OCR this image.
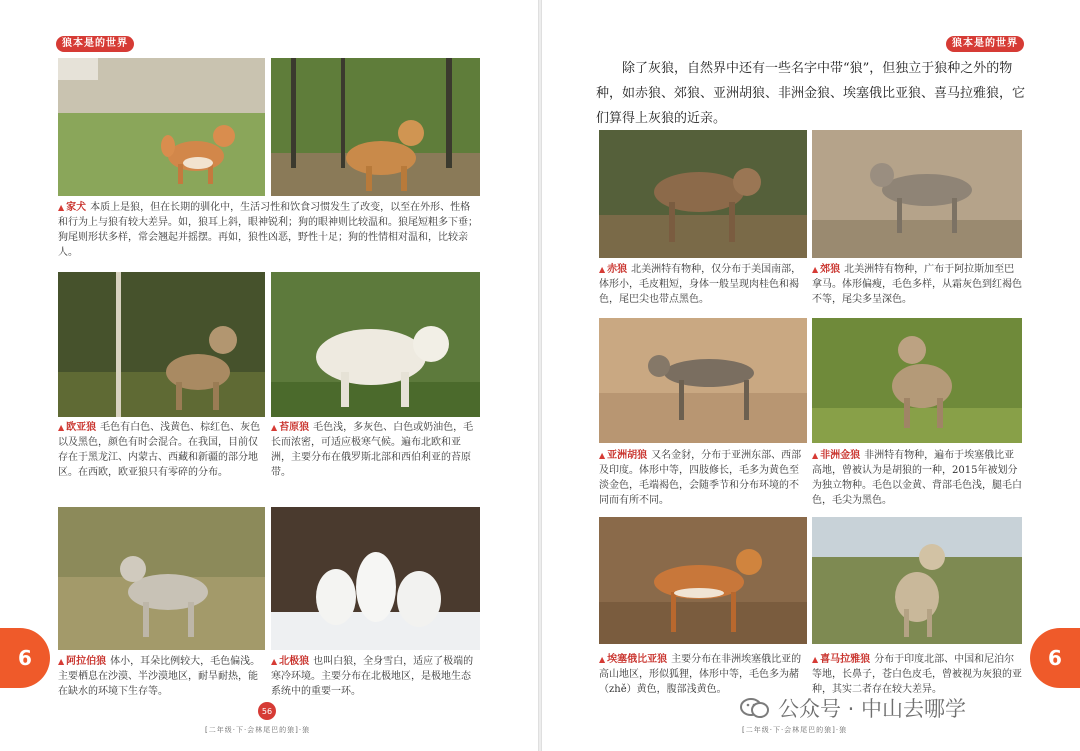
狼本是的世界
▲ 家犬 本质上是狼，但在长期的驯化中，生活习性和饮食习惯发生了改变，以至在外形、性格和行为上与狼有较大差异。如，狼耳上斜，眼神锐利；狗的眼神则比较温和。狼尾短粗多下垂；狗尾则形状多样，常会翘起并摇摆。再如，狼性凶恶，野性十足；狗的性情相对温和，比较亲人。
▲ 欧亚狼 毛色有白色、浅黄色、棕红色、灰色以及黑色，颜色有时会混合。在我国，目前仅存在于黑龙江、内蒙古、西藏和新疆的部分地区。在西欧，欧亚狼只有零碎的分布。
▲ 苔原狼 毛色浅，多灰色、白色或奶油色，毛长而浓密，可适应极寒气候。遍布北欧和亚洲，主要分布在俄罗斯北部和西伯利亚的苔原带。
▲ 阿拉伯狼 体小，耳朵比例较大，毛色偏浅。主要栖息在沙漠、半沙漠地区，耐旱耐热，能在缺水的环境下生存等。
▲ 北极狼 也叫白狼，全身雪白，适应了极端的寒冷环境。主要分布在北极地区，是极地生态系统中的重要一环。
6
56
[二年级·下·会林尾巴的狼]·狼
狼本是的世界
除了灰狼，自然界中还有一些名字中带“狼”，但独立于狼种之外的物种，如赤狼、郊狼、亚洲胡狼、非洲金狼、埃塞俄比亚狼、喜马拉雅狼，它们算得上灰狼的近亲。
▲ 赤狼 北美洲特有物种，仅分布于美国南部，体形小，毛皮粗短，身体一般呈现肉桂色和褐色，尾巴尖也带点黑色。
▲ 郊狼 北美洲特有物种，广布于阿拉斯加至巴拿马。体形偏瘦，毛色多样，从霜灰色到红褐色不等，尾尖多呈深色。
▲ 亚洲胡狼 又名金豺，分布于亚洲东部、西部及印度。体形中等，四肢修长，毛多为黄色至淡金色，毛端褐色，会随季节和分布环境的不同而有所不同。
▲ 非洲金狼 非洲特有物种，遍布于埃塞俄比亚高地，曾被认为是胡狼的一种，2015年被划分为独立物种。毛色以金黄、背部毛色浅，腿毛白色，毛尖为黑色。
▲ 埃塞俄比亚狼 主要分布在非洲埃塞俄比亚的高山地区，形似狐狸，体形中等，毛色多为赭（zhě）黄色，腹部浅黄色。
▲ 喜马拉雅狼 分布于印度北部、中国和尼泊尔等地，长鼻子，苍白色皮毛，曾被视为灰狼的亚种，其实二者存在较大差异。
6
[二年级·下·会林尾巴的狼]·狼
公众号 · 中山去哪学
